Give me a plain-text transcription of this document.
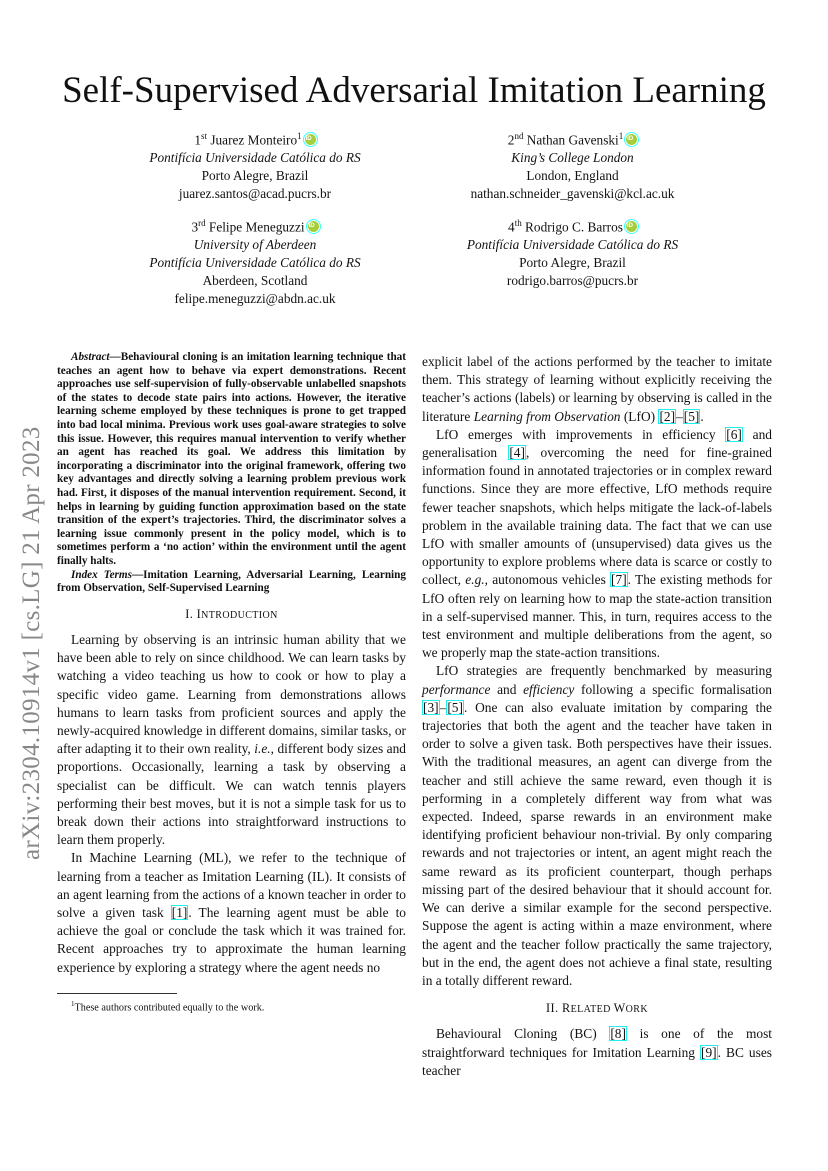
Self-Supervised Adversarial Imitation Learning
arXiv:2304.10914v1 [cs.LG] 21 Apr 2023
1st Juarez Monteiro$^1$iD
Pontifícia Universidade Católica do RS
Porto Alegre, Brazil
juarez.santos@acad.pucrs.br
2nd Nathan Gavenski$^1$iD
King’s College London
London, England
nathan.schneider_gavenski@kcl.ac.uk
3rd Felipe MeneguzziiD
University of Aberdeen
Pontifícia Universidade Católica do RS
Aberdeen, Scotland
felipe.meneguzzi@abdn.ac.uk
4th Rodrigo C. BarrosiD
Pontifícia Universidade Católica do RS
Porto Alegre, Brazil
rodrigo.barros@pucrs.br

Abstract—Behavioural cloning is an imitation learning technique that teaches an agent how to behave via expert demonstrations. Recent approaches use self-supervision of fully-observable unlabelled snapshots of the states to decode state pairs into actions. However, the iterative learning scheme employed by these techniques is prone to get trapped into bad local minima. Previous work uses goal-aware strategies to solve this issue. However, this requires manual intervention to verify whether an agent has reached its goal. We address this limitation by incorporating a discriminator into the original framework, offering two key advantages and directly solving a learning problem previous work had. First, it disposes of the manual intervention requirement. Second, it helps in learning by guiding function approximation based on the state transition of the expert’s trajectories. Third, the discriminator solves a learning issue commonly present in the policy model, which is to sometimes perform a ‘no action’ within the environment until the agent finally halts.

Index Terms—Imitation Learning, Adversarial Learning, Learning from Observation, Self-Supervised Learning

I. INTRODUCTION

Learning by observing is an intrinsic human ability that we have been able to rely on since childhood. We can learn tasks by watching a video teaching us how to cook or how to play a specific video game. Learning from demonstrations allows humans to learn tasks from proficient sources and apply the newly-acquired knowledge in different domains, similar tasks, or after adapting it to their own reality, i.e., different body sizes and proportions. Occasionally, learning a task by observing a specialist can be difficult. We can watch tennis players performing their best moves, but it is not a simple task for us to break down their actions into straightforward instructions to learn them properly.

In Machine Learning (ML), we refer to the technique of learning from a teacher as Imitation Learning (IL). It consists of an agent learning from the actions of a known teacher in order to solve a given task [1]. The learning agent must be able to achieve the goal or conclude the task which it was trained for. Recent approaches try to approximate the human learning experience by exploring a strategy where the agent needs no

$^1$These authors contributed equally to the work.

explicit label of the actions performed by the teacher to imitate them. This strategy of learning without explicitly receiving the teacher’s actions (labels) or learning by observing is called in the literature Learning from Observation (LfO) [2]–[5].

LfO emerges with improvements in efficiency [6] and generalisation [4], overcoming the need for fine-grained information found in annotated trajectories or in complex reward functions. Since they are more effective, LfO methods require fewer teacher snapshots, which helps mitigate the lack-of-labels problem in the available training data. The fact that we can use LfO with smaller amounts of (unsupervised) data gives us the opportunity to explore problems where data is scarce or costly to collect, e.g., autonomous vehicles [7]. The existing methods for LfO often rely on learning how to map the state-action transition in a self-supervised manner. This, in turn, requires access to the test environment and multiple deliberations from the agent, so we properly map the state-action transitions.

LfO strategies are frequently benchmarked by measuring performance and efficiency following a specific formalisation [3]–[5]. One can also evaluate imitation by comparing the trajectories that both the agent and the teacher have taken in order to solve a given task. Both perspectives have their issues. With the traditional measures, an agent can diverge from the teacher and still achieve the same reward, even though it is performing in a completely different way from what was expected. Indeed, sparse rewards in an environment make identifying proficient behaviour non-trivial. By only comparing rewards and not trajectories or intent, an agent might reach the same reward as its proficient counterpart, though perhaps missing part of the desired behaviour that it should account for. We can derive a similar example for the second perspective. Suppose the agent is acting within a maze environment, where the agent and the teacher follow practically the same trajectory, but in the end, the agent does not achieve a final state, resulting in a totally different reward.

II. RELATED WORK

Behavioural Cloning (BC) [8] is one of the most straightforward techniques for Imitation Learning [9]. BC uses teacher
